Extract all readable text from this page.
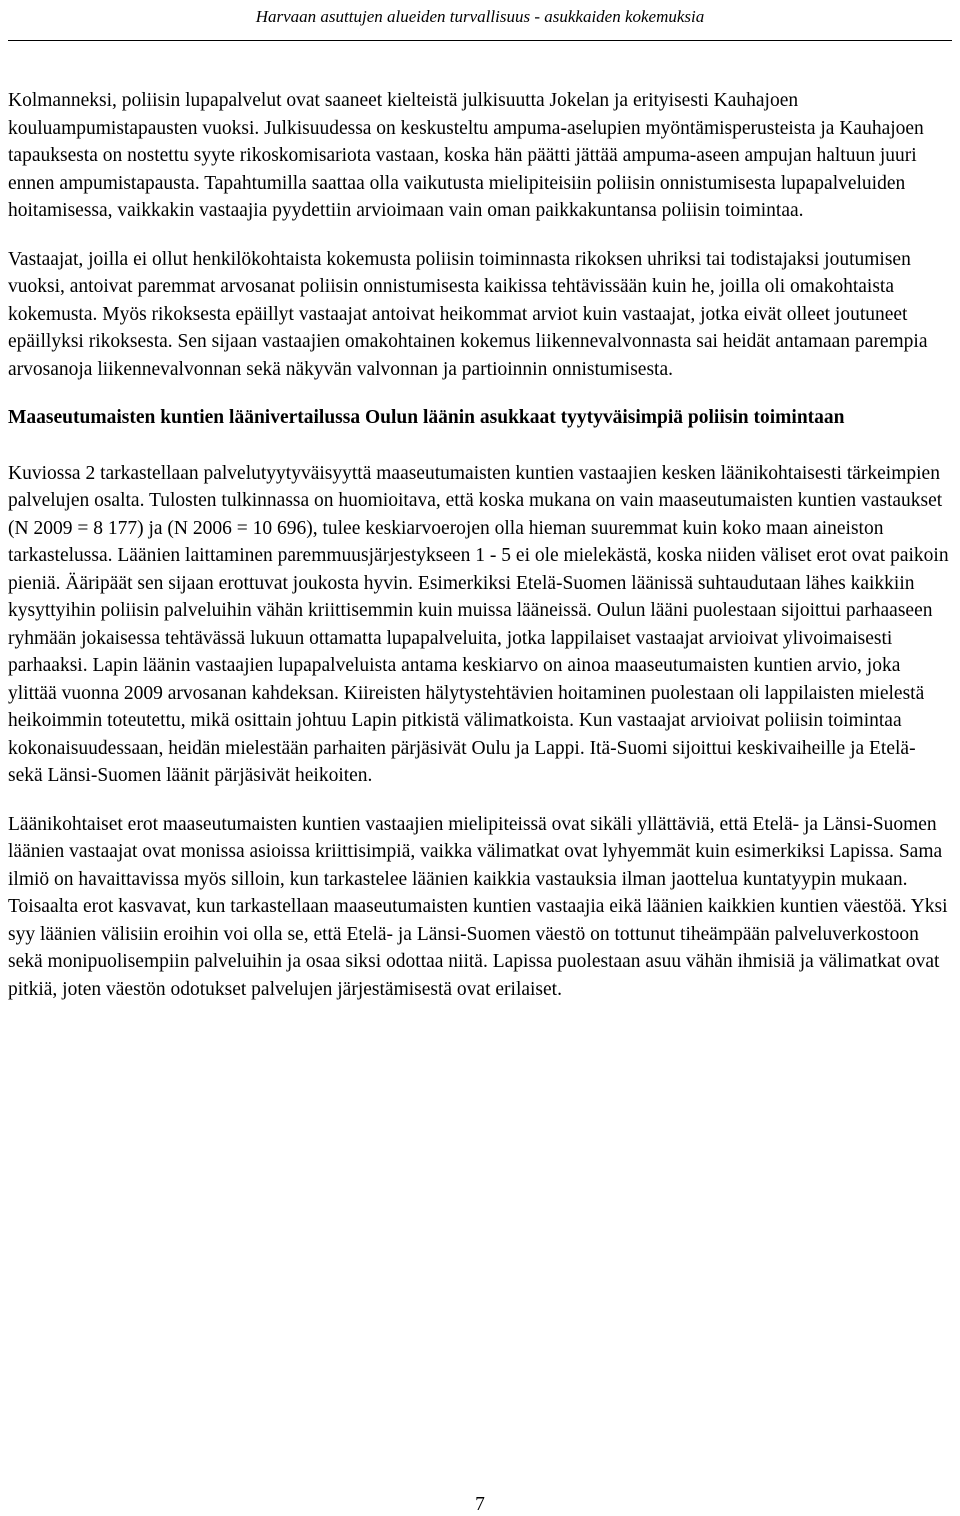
Harvaan asuttujen alueiden turvallisuus - asukkaiden kokemuksia

Kolmanneksi, poliisin lupapalvelut ovat saaneet kielteistä julkisuutta Jokelan ja erityisesti Kauhajoen kouluampumistapausten vuoksi. Julkisuudessa on keskusteltu ampuma-aselupien myöntämisperusteista ja Kauhajoen tapauksesta on nostettu syyte rikoskomisariota vastaan, koska hän päätti jättää ampuma-aseen ampujan haltuun juuri ennen ampumistapausta. Tapahtumilla saattaa olla vaikutusta mielipiteisiin poliisin onnistumisesta lupapalveluiden hoitamisessa, vaikkakin vastaajia pyydettiin arvioimaan vain oman paikkakuntansa poliisin toimintaa.

Vastaajat, joilla ei ollut henkilökohtaista kokemusta poliisin toiminnasta rikoksen uhriksi tai todistajaksi joutumisen vuoksi, antoivat paremmat arvosanat poliisin onnistumisesta kaikissa tehtävissään kuin he, joilla oli omakohtaista kokemusta. Myös rikoksesta epäillyt vastaajat antoivat heikommat arviot kuin vastaajat, jotka eivät olleet joutuneet epäillyksi rikoksesta. Sen sijaan vastaajien omakohtainen kokemus liikennevalvonnasta sai heidät antamaan parempia arvosanoja liikennevalvonnan sekä näkyvän valvonnan ja partioinnin onnistumisesta.

Maaseutumaisten kuntien läänivertailussa Oulun läänin asukkaat tyytyväisimpiä poliisin toimintaan

Kuviossa 2 tarkastellaan palvelutyytyväisyyttä maaseutumaisten kuntien vastaajien kesken läänikohtaisesti tärkeimpien palvelujen osalta. Tulosten tulkinnassa on huomioitava, että koska mukana on vain maaseutumaisten kuntien vastaukset (N 2009 = 8 177) ja (N 2006 = 10 696), tulee keskiarvoerojen olla hieman suuremmat kuin koko maan aineiston tarkastelussa. Läänien laittaminen paremmuusjärjestykseen 1 - 5 ei ole mielekästä, koska niiden väliset erot ovat paikoin pieniä. Ääripäät sen sijaan erottuvat joukosta hyvin. Esimerkiksi Etelä-Suomen läänissä suhtaudutaan lähes kaikkiin kysyttyihin poliisin palveluihin vähän kriittisemmin kuin muissa lääneissä. Oulun lääni puolestaan sijoittui parhaaseen ryhmään jokaisessa tehtävässä lukuun ottamatta lupapalveluita, jotka lappilaiset vastaajat arvioivat ylivoimaisesti parhaaksi. Lapin läänin vastaajien lupapalveluista antama keskiarvo on ainoa maaseutumaisten kuntien arvio, joka ylittää vuonna 2009 arvosanan kahdeksan. Kiireisten hälytystehtävien hoitaminen puolestaan oli lappilaisten mielestä heikoimmin toteutettu, mikä osittain johtuu Lapin pitkistä välimatkoista. Kun vastaajat arvioivat poliisin toimintaa kokonaisuudessaan, heidän mielestään parhaiten pärjäsivät Oulu ja Lappi. Itä-Suomi sijoittui keskivaiheille ja Etelä- sekä Länsi-Suomen läänit pärjäsivät heikoiten.

Läänikohtaiset erot maaseutumaisten kuntien vastaajien mielipiteissä ovat sikäli yllättäviä, että Etelä- ja Länsi-Suomen läänien vastaajat ovat monissa asioissa kriittisimpiä, vaikka välimatkat ovat lyhyemmät kuin esimerkiksi Lapissa. Sama ilmiö on havaittavissa myös silloin, kun tarkastelee läänien kaikkia vastauksia ilman jaottelua kuntatyypin mukaan. Toisaalta erot kasvavat, kun tarkastellaan maaseutumaisten kuntien vastaajia eikä läänien kaikkien kuntien väestöä. Yksi syy läänien välisiin eroihin voi olla se, että Etelä- ja Länsi-Suomen väestö on tottunut tiheämpään palveluverkostoon sekä monipuolisempiin palveluihin ja osaa siksi odottaa niitä. Lapissa puolestaan asuu vähän ihmisiä ja välimatkat ovat pitkiä, joten väestön odotukset palvelujen järjestämisestä ovat erilaiset.

7
